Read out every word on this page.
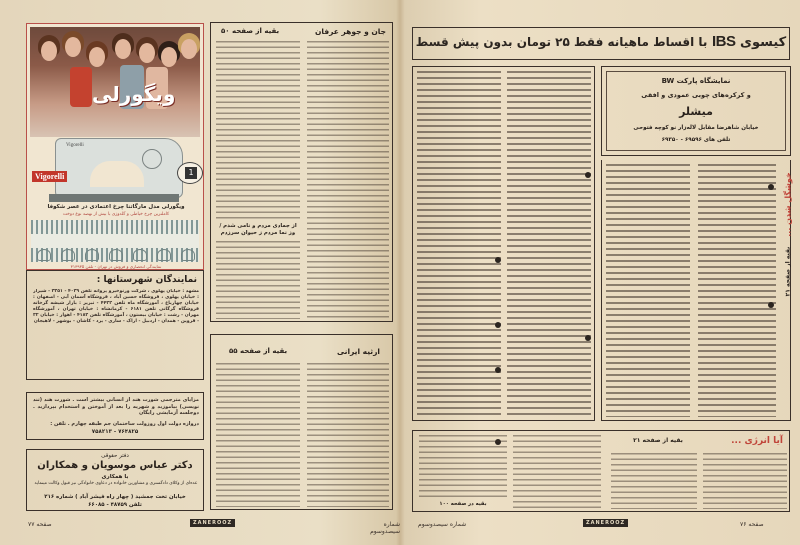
ویگورلی
Vigorelli
Vigorelli	1
ویگورلی مدل مارگاتنا چرخ اعتمادی در عصر شکوفا
کاملترین چرخ خیاطی و گلدوزی با بیش از نهصد نوع دوخت
نمایندگی انحصاری و فروش در تهران - تلفن ۳۱۳۹۳۵
نمایندگان شهرستانها :
مشهد : خیابان پهلوی ، شرکت ورنوخیزو پروانه تلفن ۴۰۳۹ - ۳۳۵۱ - شیراز : خیابان پهلوی ، فروشگاه حسین آباد ، فروشگاه آسمان آبی - اصفهان : خیابان چهارباغ ، آموزشگاه ماه تلفن ۴۴۲۲ - تبریز : بازار شیشه گرخانه فروشگاه گرگانی تلفن ۶۱۸۱ - کرمانشاه : خیابان تهران ، آموزشگاه مهران - رشت : خیابان بیستون ، آموزشگاه تلفن ۴۱۸۲ - اهواز : خیابان ۳۲ - قزوین - همدان - اردبیل - اراک - ساری - یزد - کاشان - بوشهر - لاهیجان
مزایای مترجمی شورت هند از انسانی بیشتر است . شورت هند (تند نویسی) بیاموزید و شهریه را بعد از آموختن و استخدام بپردازید . دوجلسه آزمایشی رایگان
دروازه دولت اول روزولت ساختمان جم طبقه چهارم . تلفن :
۷۶۴۸۲۵ - ۷۵۸۲۱۳
دفتر حقوقی
دکتر عباس موسویان و همکاران
با همکاری
عده‌ای از وکلای دادگستری و مشاورین خانواده در دعاوی خانوادگی نیز قبول وکالت مینماید
خیابان تخت جمشید ( چهار راه فیشر آباد ) شماره ۲۱۶
تلفن ۴۸۷۵۹ - ۶۶۰۸۵
صفحه ۷۷	ZANEROOZ
جان و جوهر عرفان
بقیه از صفحه ۵۰
از جمادی مردم و نامی شدم / وز نما مردم ز حیوان سرزدم
ارثیه ایرانی
بقیه از صفحه ۵۵
شماره سیصدوسوم
کیسوی IBS با اقساط ماهیانه فقط ۲۵ تومان بدون پیش قسط
نمایشگاه پارکت BW
و کرکره‌های چوبی عمودی و افقی
میشلر
خیابان شاهرضا مقابل لاله‌زار نو کوچه فتوحی
تلفن های ۶۹۵۹۶ - ۶۹۳۵۰
خوشگل شدن ...
بقیه از صفحه ۲۱
آیا انرژی ...
بقیه از صفحه ۲۱
بقیه در صفحه ۱۰۰
شماره سیصدوسوم	ZANEROOZ	صفحه ۷۶
